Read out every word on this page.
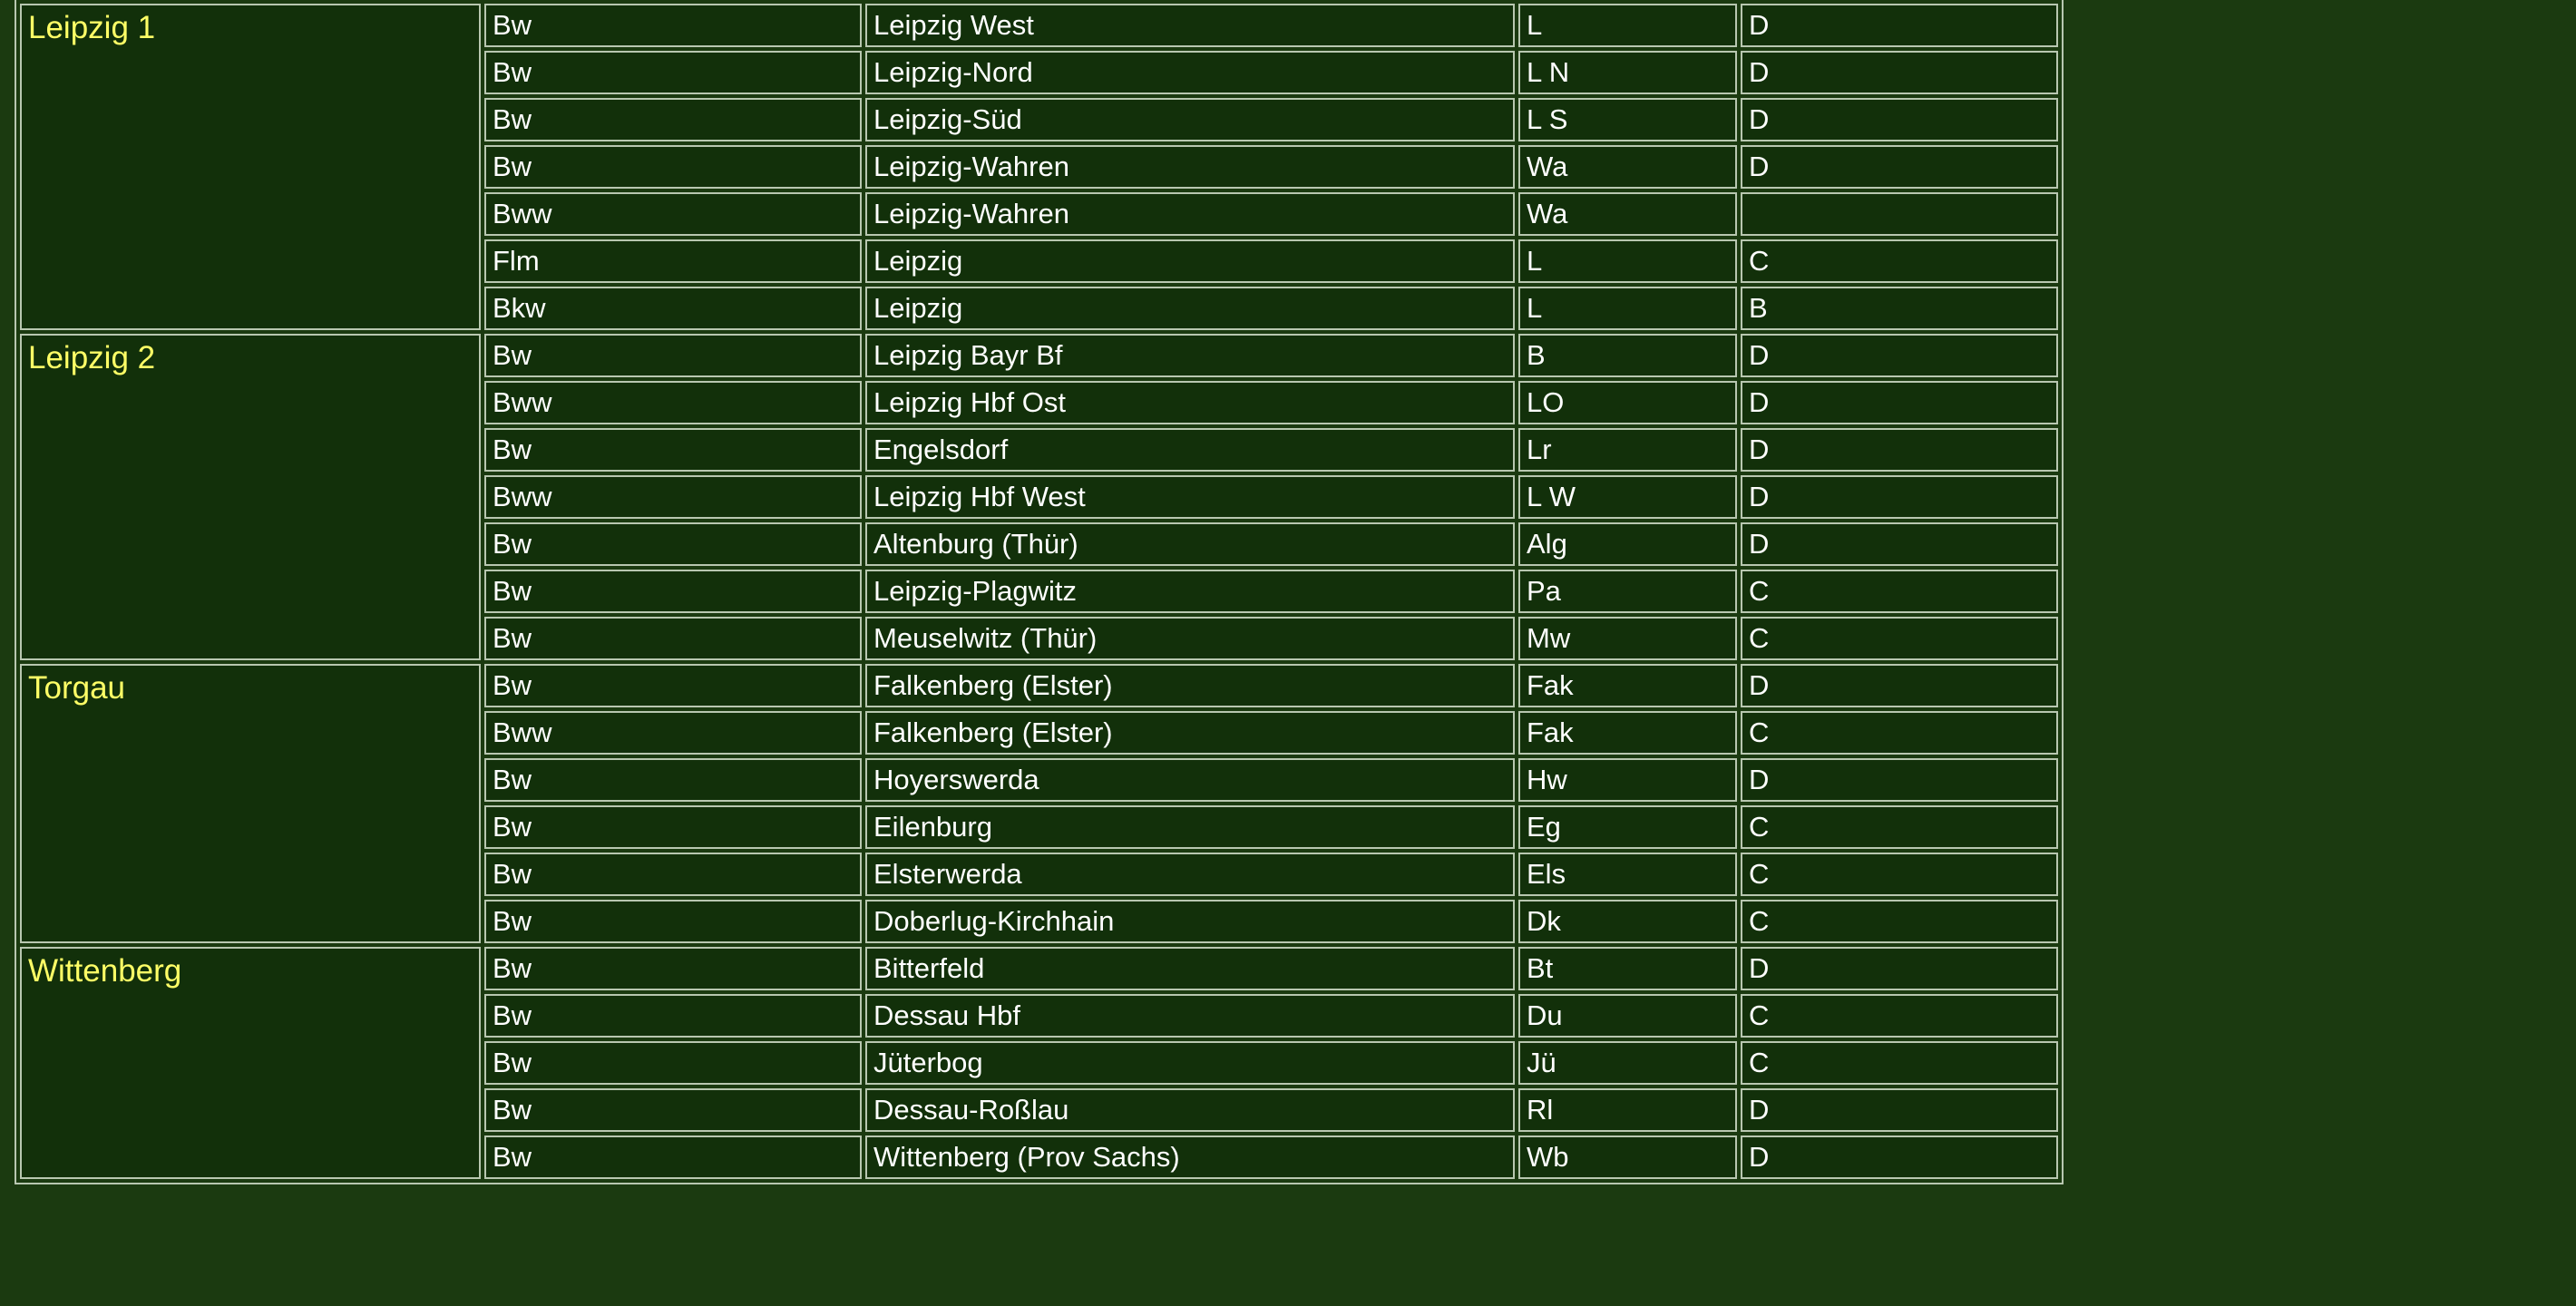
Leipzig 1	Bw	Leipzig West	L	D
	Bw	Leipzig-Nord	L N	D
	Bw	Leipzig-Süd	L S	D
	Bw	Leipzig-Wahren	Wa	D
	Bww	Leipzig-Wahren	Wa	
	Flm	Leipzig	L	C
	Bkw	Leipzig	L	B
Leipzig 2	Bw	Leipzig Bayr Bf	B	D
	Bww	Leipzig Hbf Ost	LO	D
	Bw	Engelsdorf	Lr	D
	Bww	Leipzig Hbf West	L W	D
	Bw	Altenburg (Thür)	Alg	D
	Bw	Leipzig-Plagwitz	Pa	C
	Bw	Meuselwitz (Thür)	Mw	C
Torgau	Bw	Falkenberg (Elster)	Fak	D
	Bww	Falkenberg (Elster)	Fak	C
	Bw	Hoyerswerda	Hw	D
	Bw	Eilenburg	Eg	C
	Bw	Elsterwerda	Els	C
	Bw	Doberlug-Kirchhain	Dk	C
Wittenberg	Bw	Bitterfeld	Bt	D
	Bw	Dessau Hbf	Du	C
	Bw	Jüterbog	Jü	C
	Bw	Dessau-Roßlau	Rl	D
	Bw	Wittenberg (Prov Sachs)	Wb	D
